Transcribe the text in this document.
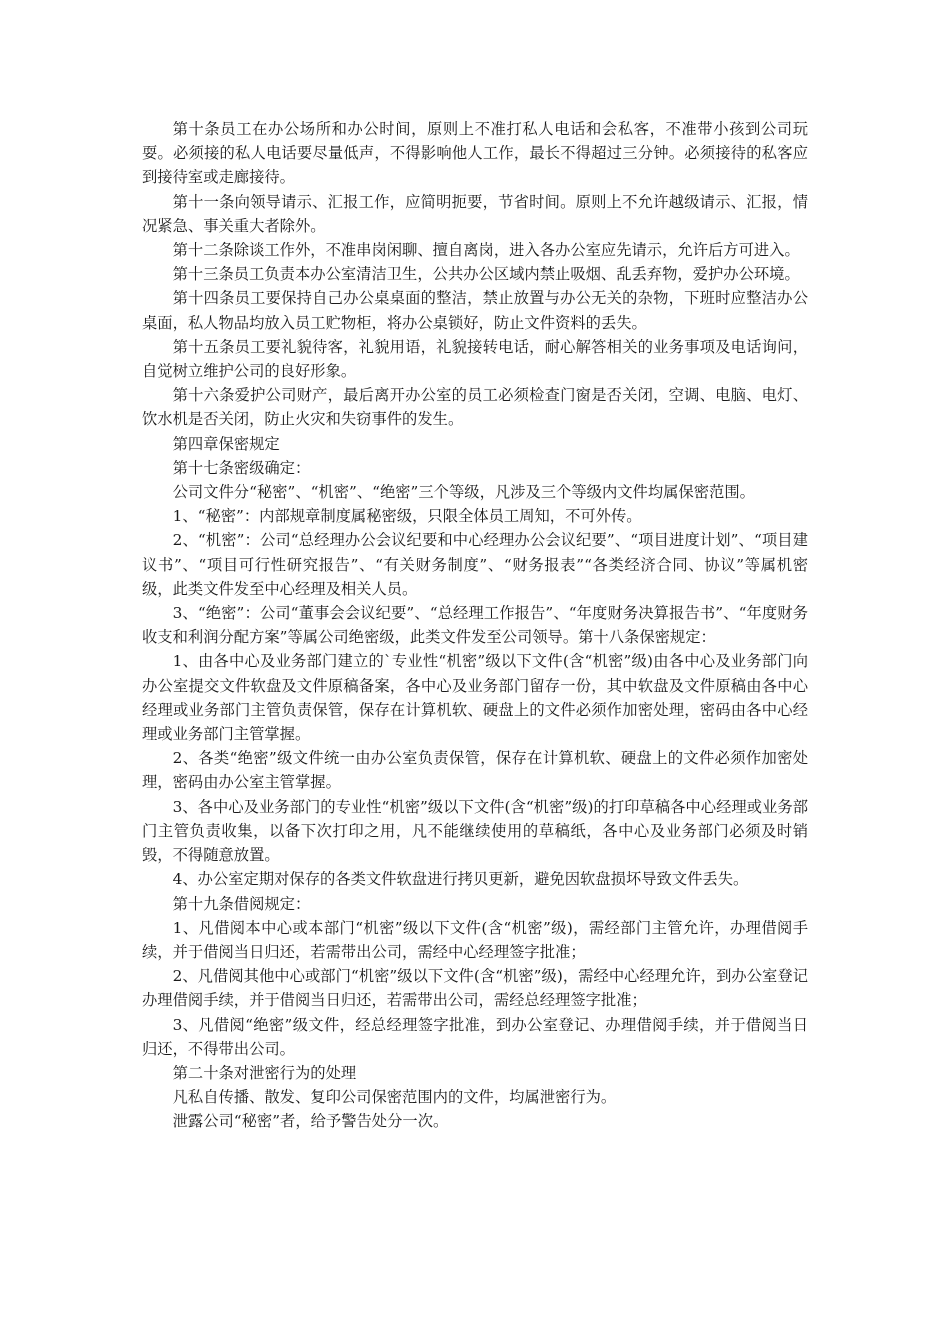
第十条员工在办公场所和办公时间，原则上不准打私人电话和会私客，不准带小孩到公司玩耍。必须接的私人电话要尽量低声，不得影响他人工作，最长不得超过三分钟。必须接待的私客应到接待室或走廊接待。

第十一条向领导请示、汇报工作，应简明扼要，节省时间。原则上不允许越级请示、汇报，情况紧急、事关重大者除外。

第十二条除谈工作外，不准串岗闲聊、擅自离岗，进入各办公室应先请示，允许后方可进入。

第十三条员工负责本办公室清洁卫生，公共办公区域内禁止吸烟、乱丢弃物，爱护办公环境。

第十四条员工要保持自己办公桌桌面的整洁，禁止放置与办公无关的杂物，下班时应整洁办公桌面，私人物品均放入员工贮物柜，将办公桌锁好，防止文件资料的丢失。

第十五条员工要礼貌待客，礼貌用语，礼貌接转电话，耐心解答相关的业务事项及电话询问，自觉树立维护公司的良好形象。

第十六条爱护公司财产，最后离开办公室的员工必须检查门窗是否关闭，空调、电脑、电灯、饮水机是否关闭，防止火灾和失窃事件的发生。

第四章保密规定

第十七条密级确定：

公司文件分“秘密”、“机密”、“绝密”三个等级，凡涉及三个等级内文件均属保密范围。

1、“秘密”：内部规章制度属秘密级，只限全体员工周知，不可外传。

2、“机密”：公司“总经理办公会议纪要和中心经理办公会议纪要”、“项目进度计划”、“项目建议书”、“项目可行性研究报告”、“有关财务制度”、“财务报表”“各类经济合同、协议”等属机密级，此类文件发至中心经理及相关人员。

3、“绝密”：公司“董事会会议纪要”、“总经理工作报告”、“年度财务决算报告书”、“年度财务收支和利润分配方案”等属公司绝密级，此类文件发至公司领导。第十八条保密规定：

1、由各中心及业务部门建立的`专业性“机密”级以下文件(含“机密”级)由各中心及业务部门向办公室提交文件软盘及文件原稿备案，各中心及业务部门留存一份，其中软盘及文件原稿由各中心经理或业务部门主管负责保管，保存在计算机软、硬盘上的文件必须作加密处理，密码由各中心经理或业务部门主管掌握。

2、各类“绝密”级文件统一由办公室负责保管，保存在计算机软、硬盘上的文件必须作加密处理，密码由办公室主管掌握。

3、各中心及业务部门的专业性“机密”级以下文件(含“机密”级)的打印草稿各中心经理或业务部门主管负责收集，以备下次打印之用，凡不能继续使用的草稿纸，各中心及业务部门必须及时销毁，不得随意放置。

4、办公室定期对保存的各类文件软盘进行拷贝更新，避免因软盘损坏导致文件丢失。

第十九条借阅规定：

1、凡借阅本中心或本部门“机密”级以下文件(含“机密”级)，需经部门主管允许，办理借阅手续，并于借阅当日归还，若需带出公司，需经中心经理签字批准；

2、凡借阅其他中心或部门“机密”级以下文件(含“机密”级)，需经中心经理允许，到办公室登记办理借阅手续，并于借阅当日归还，若需带出公司，需经总经理签字批准；

3、凡借阅“绝密”级文件，经总经理签字批准，到办公室登记、办理借阅手续，并于借阅当日归还，不得带出公司。

第二十条对泄密行为的处理

凡私自传播、散发、复印公司保密范围内的文件，均属泄密行为。

泄露公司“秘密”者，给予警告处分一次。
